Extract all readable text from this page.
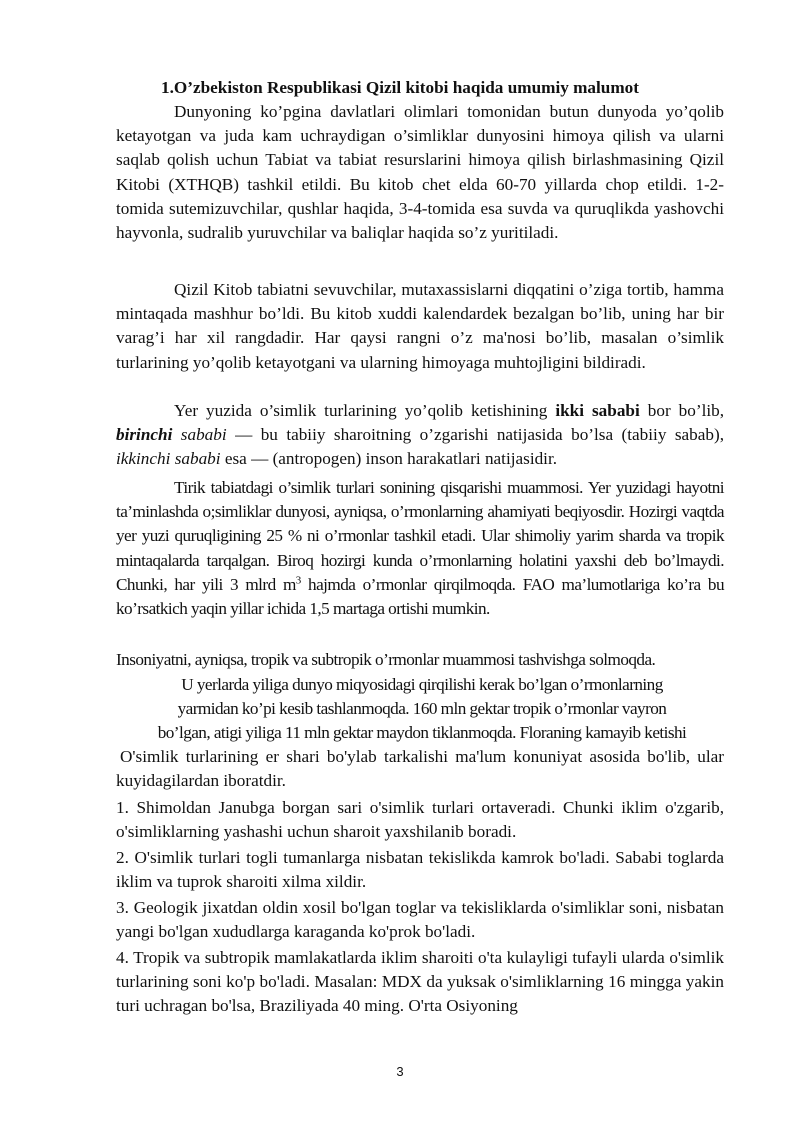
1.O’zbekiston Respublikasi Qizil kitobi haqida umumiy malumot
Dunyoning ko’pgina davlatlari olimlari tomonidan butun dunyoda yo’qolib ketayotgan va juda kam uchraydigan o’simliklar dunyosini himoya qilish va ularni saqlab qolish uchun Tabiat va tabiat resurslarini himoya qilish birlashmasining Qizil Kitobi (XTHQB) tashkil etildi. Bu kitob chet elda 60-70 yillarda chop etildi. 1-2- tomida sutemizuvchilar, qushlar haqida, 3-4-tomida esa suvda va quruqlikda yashovchi hayvonla, sudralib yuruvchilar va baliqlar haqida so’z yuritiladi.
Qizil Kitob tabiatni sevuvchilar, mutaxassislarni diqqatini o’ziga tortib, hamma mintaqada mashhur bo’ldi. Bu kitob xuddi kalendardek bezalgan bo’lib, uning har bir varag’i har xil rangdadir. Har qaysi rangni o’z ma'nosi bo’lib, masalan o’simlik turlarining yo’qolib ketayotgani va ularning himoyaga muhtojligini bildiradi.
Yer yuzida o’simlik turlarining yo’qolib ketishining ikki sababi bor bo’lib, birinchi sababi — bu tabiiy sharoitning o’zgarishi natijasida bo’lsa (tabiiy sabab), ikkinchi sababi esa — (antropogen) inson harakatlari natijasidir.
Tirik tabiatdagi o’simlik turlari sonining qisqarishi muammosi. Yer yuzidagi hayotni ta’minlashda o;simliklar dunyosi, ayniqsa, o’rmonlarning ahamiyati beqiyosdir. Hozirgi vaqtda yer yuzi quruqligining 25 % ni o’rmonlar tashkil etadi. Ular shimoliy yarim sharda va tropik mintaqalarda tarqalgan. Biroq hozirgi kunda o’rmonlarning holatini yaxshi deb bo’lmaydi. Chunki, har yili 3 mlrd $m^3$ hajmda o’rmonlar qirqilmoqda. FAO ma’lumotlariga ko’ra bu ko’rsatkich yaqin yillar ichida 1,5 martaga ortishi mumkin.
Insoniyatni, ayniqsa, tropik va subtropik o’rmonlar muammosi tashvishga solmoqda.
U yerlarda yiliga dunyo miqyosidagi qirqilishi kerak bo’lgan o’rmonlarning
yarmidan ko’pi kesib tashlanmoqda. 160 mln gektar tropik o’rmonlar vayron
bo’lgan, atigi yiliga 11 mln gektar maydon tiklanmoqda. Floraning kamayib ketishi
O'simlik turlarining er shari bo'ylab tarkalishi ma'lum konuniyat asosida bo'lib, ular kuyidagilardan iboratdir.
1. Shimoldan Janubga borgan sari o'simlik turlari ortaveradi. Chunki iklim o'zgarib, o'simliklarning yashashi uchun sharoit yaxshilanib boradi.
2. O'simlik turlari togli tumanlarga nisbatan tekislikda kamrok bo'ladi. Sababi toglarda iklim va tuprok sharoiti xilma xildir.
3. Geologik jixatdan oldin xosil bo'lgan toglar va tekisliklarda o'simliklar soni, nisbatan yangi bo'lgan xududlarga karaganda ko'prok bo'ladi.
4. Tropik va subtropik mamlakatlarda iklim sharoiti o'ta kulayligi tufayli ularda o'simlik turlarining soni ko'p bo'ladi. Masalan: MDX da yuksak o'simliklarning 16 mingga yakin turi uchragan bo'lsa, Braziliyada 40 ming. O'rta Osiyoning
3
